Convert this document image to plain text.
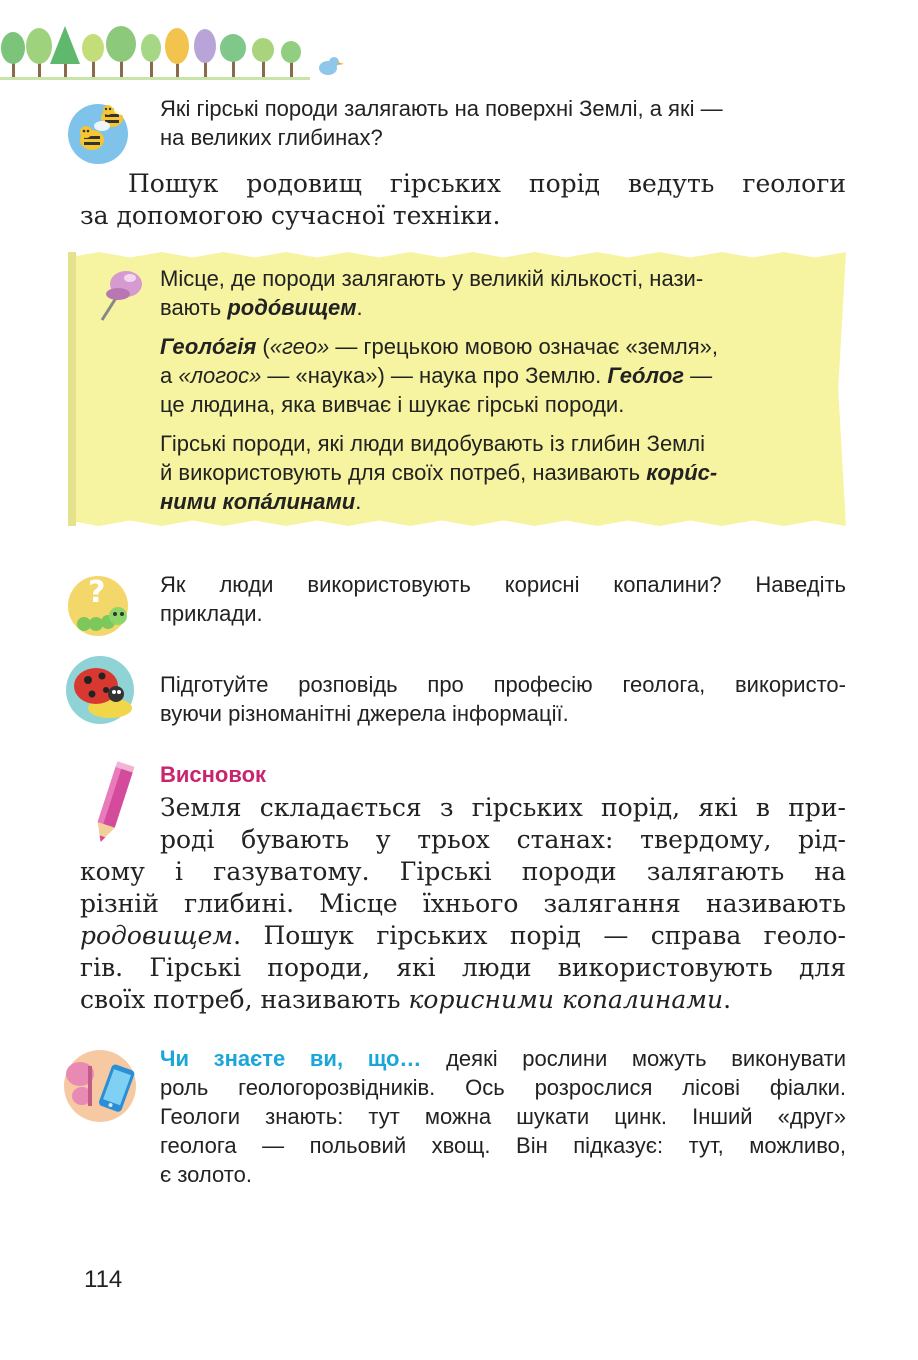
Які гірські породи залягають на поверхні Землі, а які —

на великих глибинах?

Пошук родовищ гірських порід ведуть геологи

за допомогою сучасної техніки.

Місце, де породи залягають у великій кількості, нази-

вають родóвищем.

Геолóгія («гео» — грецькою мовою означає «земля»,

а «логос» — «наука») — наука про Землю. Геóлог —

це людина, яка вивчає і шукає гірські породи.

Гірські породи, які люди видобувають із глибин Землі

й використовують для своїх потреб, називають корúс-

ними копáлинами.

? Як люди використовують корисні копалини? Наведіть

приклади.

Підготуйте розповідь про професію геолога, використо-

вуючи різноманітні джерела інформації.

Висновок

Земля складається з гірських порід, які в при-

роді бувають у трьох станах: твердому, рід-

кому і газуватому. Гірські породи залягають на

різній глибині. Місце їхнього залягання називають

родовищем. Пошук гірських порід — справа геоло-

гів. Гірські породи, які люди використовують для

своїх потреб, називають корисними копалинами.

Чи знаєте ви, що… деякі рослини можуть виконувати

роль геологорозвідників. Ось розрослися лісові фіалки.

Геологи знають: тут можна шукати цинк. Інший «друг»

геолога — польовий хвощ. Він підказує: тут, можливо,

є золото.

114
